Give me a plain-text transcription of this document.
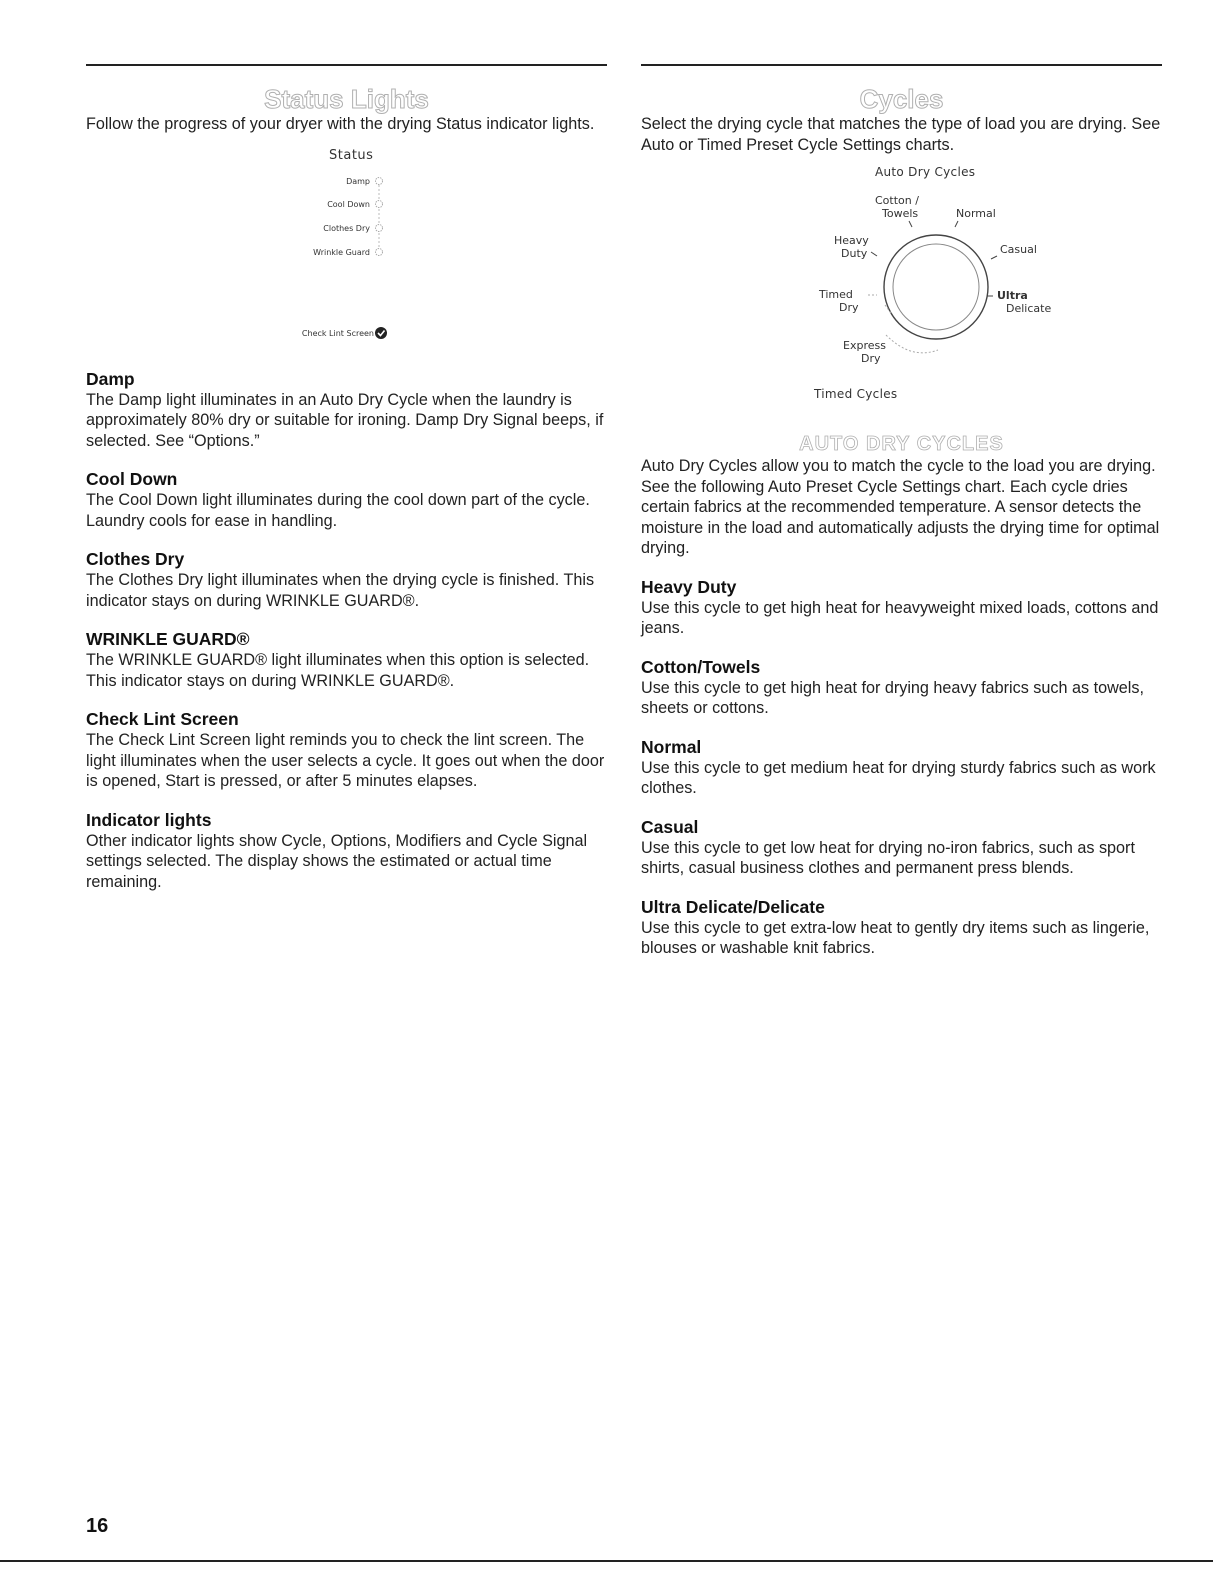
Status Lights

Follow the progress of your dryer with the drying Status indicator lights.

Status
Damp
Cool Down
Clothes Dry
Wrinkle Guard
Check Lint Screen
Damp

The Damp light illuminates in an Auto Dry Cycle when the laundry is approximately 80% dry or suitable for ironing. Damp Dry Signal beeps, if selected. See “Options.”

Cool Down

The Cool Down light illuminates during the cool down part of the cycle. Laundry cools for ease in handling.

Clothes Dry

The Clothes Dry light illuminates when the drying cycle is finished. This indicator stays on during WRINKLE GUARD®.

WRINKLE GUARD®

The WRINKLE GUARD® light illuminates when this option is selected. This indicator stays on during WRINKLE GUARD®.

Check Lint Screen

The Check Lint Screen light reminds you to check the lint screen. The light illuminates when the user selects a cycle. It goes out when the door is opened, Start is pressed, or after 5 minutes elapses.

Indicator lights

Other indicator lights show Cycle, Options, Modifiers and Cycle Signal settings selected. The display shows the estimated or actual time remaining.

Cycles

Select the drying cycle that matches the type of load you are drying. See Auto or Timed Preset Cycle Settings charts.

Auto Dry Cycles
Cotton /
Towels	Normal
Heavy
Duty	Casual
Timed
Dry
Ultra
Delicate
Express
Dry
Timed Cycles
AUTO DRY CYCLES

Auto Dry Cycles allow you to match the cycle to the load you are drying. See the following Auto Preset Cycle Settings chart. Each cycle dries certain fabrics at the recommended temperature. A sensor detects the moisture in the load and automatically adjusts the drying time for optimal drying.

Heavy Duty

Use this cycle to get high heat for heavyweight mixed loads, cottons and jeans.

Cotton/Towels

Use this cycle to get high heat for drying heavy fabrics such as towels, sheets or cottons.

Normal

Use this cycle to get medium heat for drying sturdy fabrics such as work clothes.

Casual

Use this cycle to get low heat for drying no-iron fabrics, such as sport shirts, casual business clothes and permanent press blends.

Ultra Delicate/Delicate

Use this cycle to get extra-low heat to gently dry items such as lingerie, blouses or washable knit fabrics.

16
